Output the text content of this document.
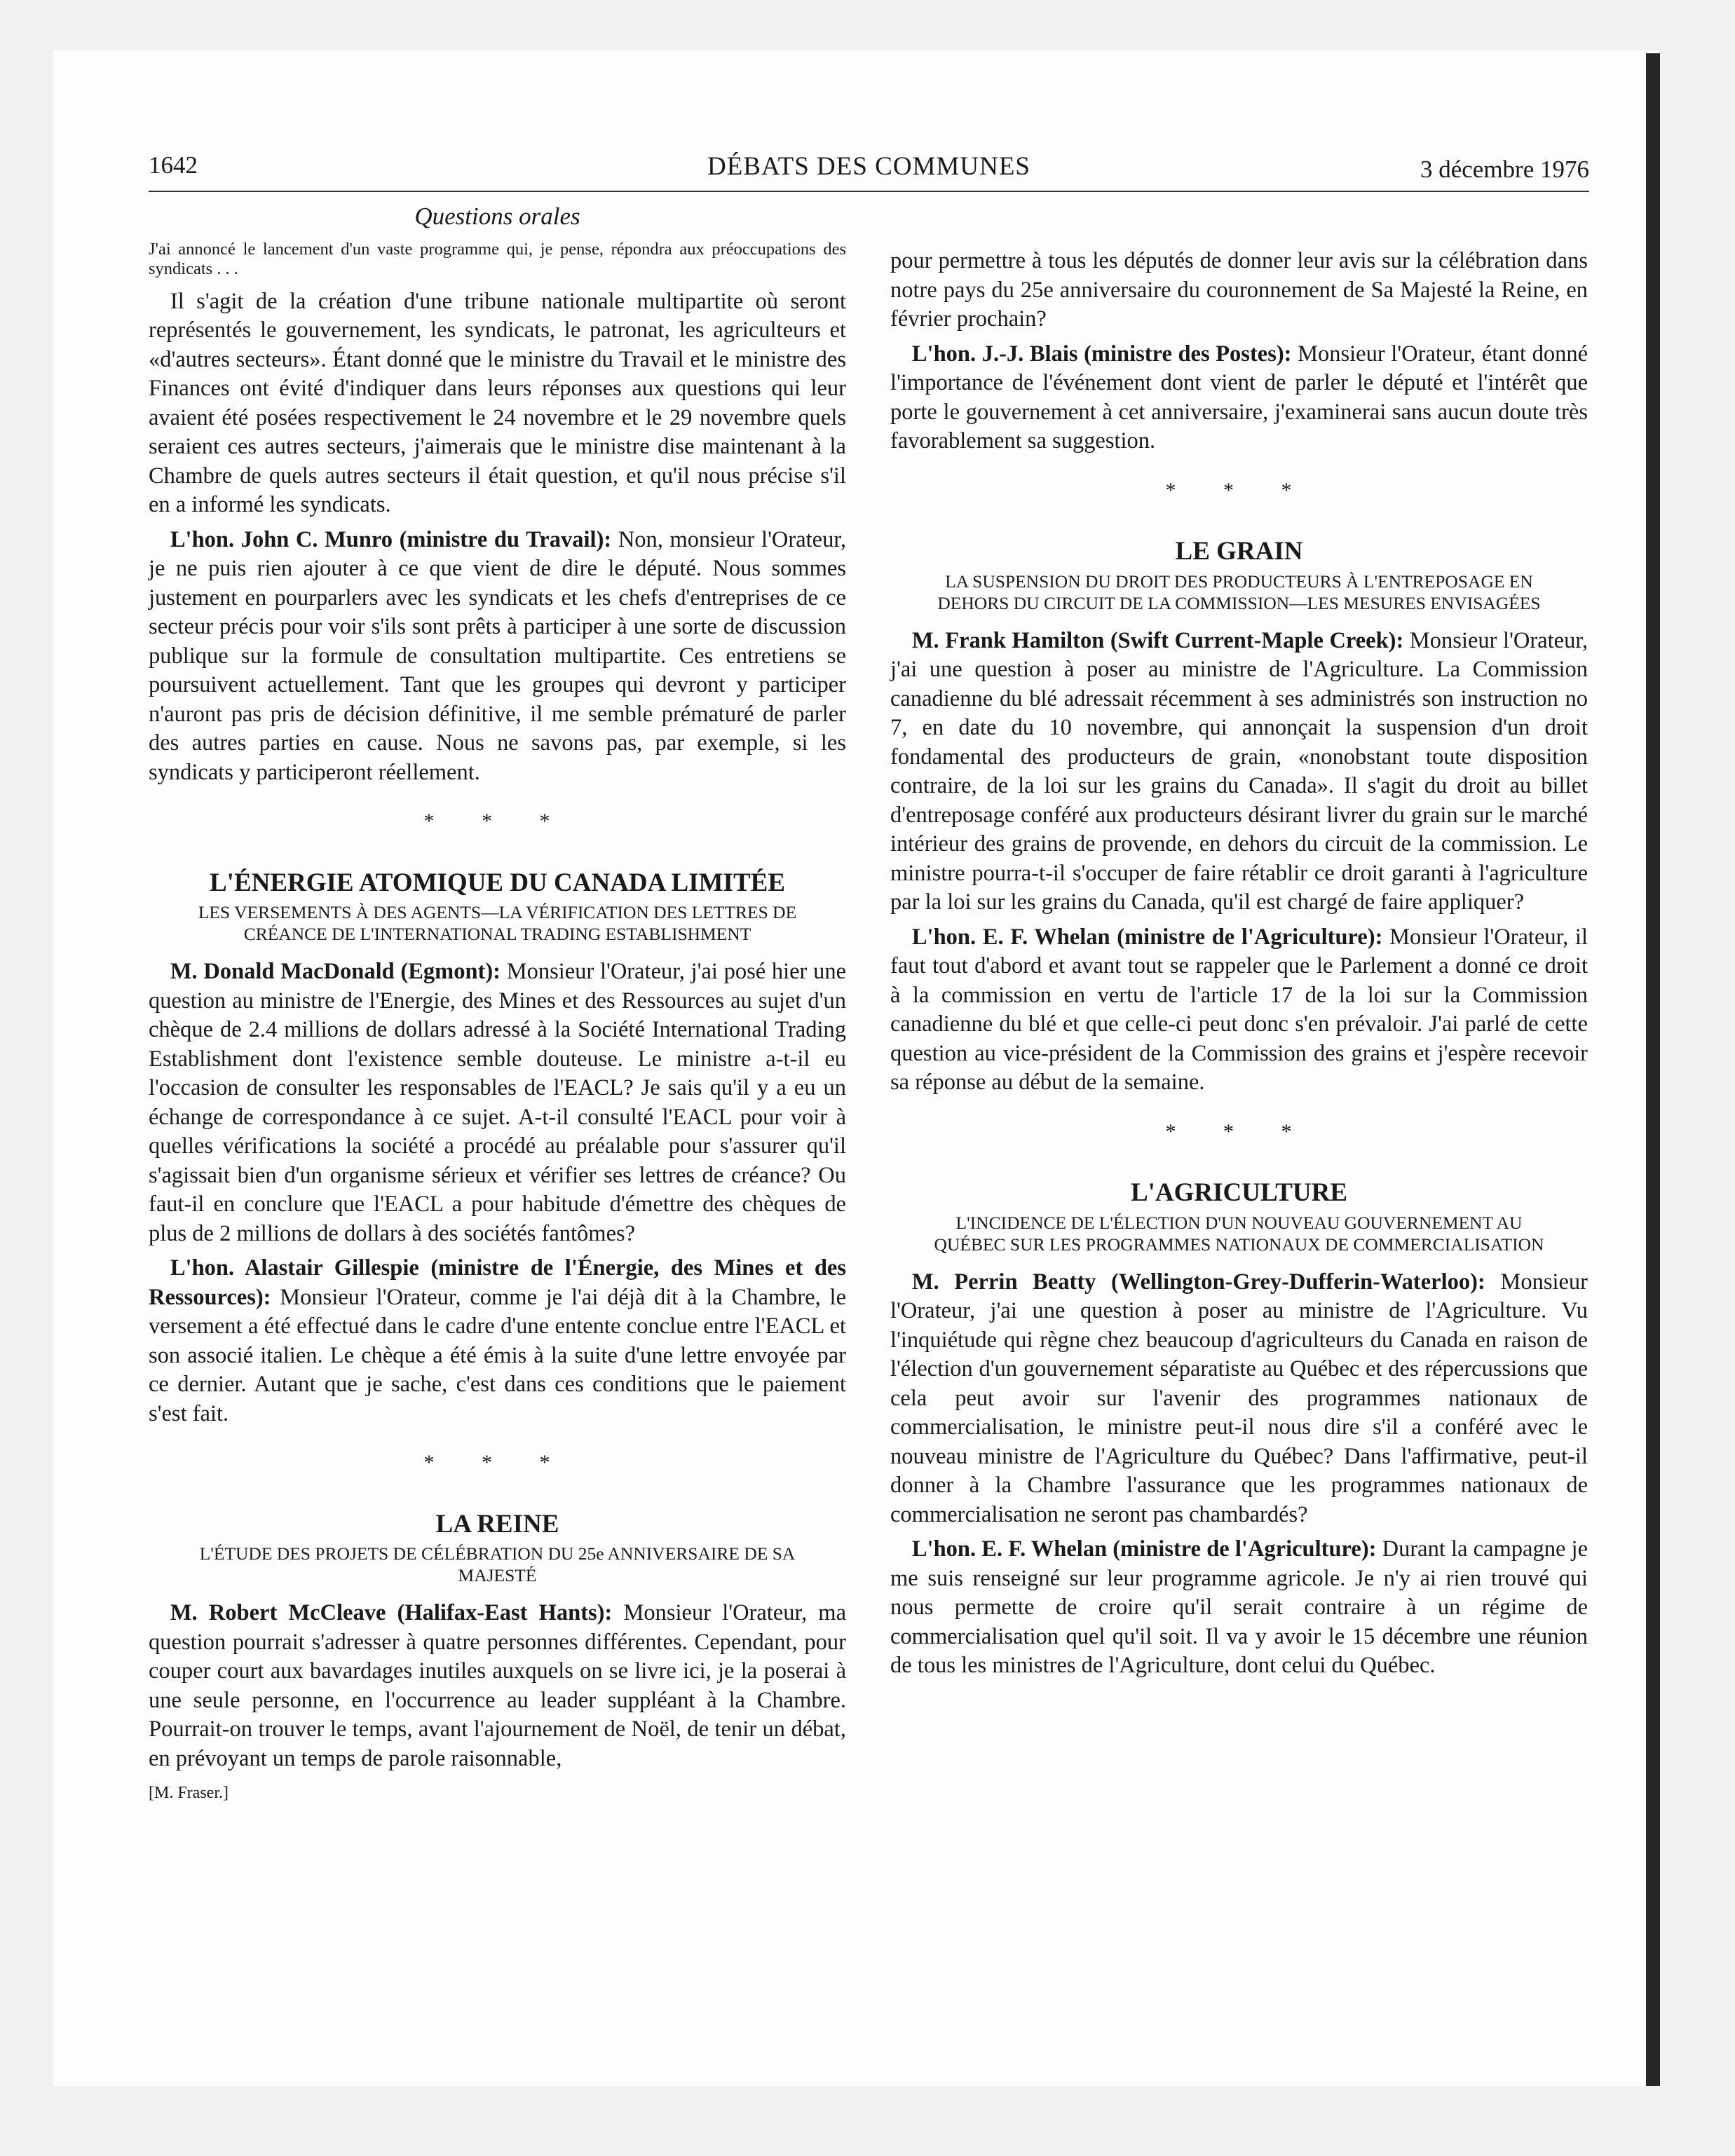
1642	DÉBATS DES COMMUNES	3 décembre 1976
Questions orales

J'ai annoncé le lancement d'un vaste programme qui, je pense, répondra aux préoccupations des syndicats . . .

Il s'agit de la création d'une tribune nationale multipartite où seront représentés le gouvernement, les syndicats, le patronat, les agriculteurs et «d'autres secteurs». Étant donné que le ministre du Travail et le ministre des Finances ont évité d'indiquer dans leurs réponses aux questions qui leur avaient été posées respectivement le 24 novembre et le 29 novembre quels seraient ces autres secteurs, j'aimerais que le ministre dise maintenant à la Chambre de quels autres secteurs il était question, et qu'il nous précise s'il en a informé les syndicats.

L'hon. John C. Munro (ministre du Travail): Non, monsieur l'Orateur, je ne puis rien ajouter à ce que vient de dire le député. Nous sommes justement en pourparlers avec les syndicats et les chefs d'entreprises de ce secteur précis pour voir s'ils sont prêts à participer à une sorte de discussion publique sur la formule de consultation multipartite. Ces entretiens se poursuivent actuellement. Tant que les groupes qui devront y participer n'auront pas pris de décision définitive, il me semble prématuré de parler des autres parties en cause. Nous ne savons pas, par exemple, si les syndicats y participeront réellement.

* * *
L'ÉNERGIE ATOMIQUE DU CANADA LIMITÉE
LES VERSEMENTS À DES AGENTS—LA VÉRIFICATION DES LETTRES DE CRÉANCE DE L'INTERNATIONAL TRADING ESTABLISHMENT

M. Donald MacDonald (Egmont): Monsieur l'Orateur, j'ai posé hier une question au ministre de l'Energie, des Mines et des Ressources au sujet d'un chèque de 2.4 millions de dollars adressé à la Société International Trading Establishment dont l'existence semble douteuse. Le ministre a-t-il eu l'occasion de consulter les responsables de l'EACL? Je sais qu'il y a eu un échange de correspondance à ce sujet. A-t-il consulté l'EACL pour voir à quelles vérifications la société a procédé au préalable pour s'assurer qu'il s'agissait bien d'un organisme sérieux et vérifier ses lettres de créance? Ou faut-il en conclure que l'EACL a pour habitude d'émettre des chèques de plus de 2 millions de dollars à des sociétés fantômes?

L'hon. Alastair Gillespie (ministre de l'Énergie, des Mines et des Ressources): Monsieur l'Orateur, comme je l'ai déjà dit à la Chambre, le versement a été effectué dans le cadre d'une entente conclue entre l'EACL et son associé italien. Le chèque a été émis à la suite d'une lettre envoyée par ce dernier. Autant que je sache, c'est dans ces conditions que le paiement s'est fait.

* * *
LA REINE
L'ÉTUDE DES PROJETS DE CÉLÉBRATION DU 25e ANNIVERSAIRE DE SA MAJESTÉ

M. Robert McCleave (Halifax-East Hants): Monsieur l'Orateur, ma question pourrait s'adresser à quatre personnes différentes. Cependant, pour couper court aux bavardages inutiles auxquels on se livre ici, je la poserai à une seule personne, en l'occurrence au leader suppléant à la Chambre. Pourrait-on trouver le temps, avant l'ajournement de Noël, de tenir un débat, en prévoyant un temps de parole raisonnable,

[M. Fraser.]

pour permettre à tous les députés de donner leur avis sur la célébration dans notre pays du 25e anniversaire du couronnement de Sa Majesté la Reine, en février prochain?

L'hon. J.-J. Blais (ministre des Postes): Monsieur l'Orateur, étant donné l'importance de l'événement dont vient de parler le député et l'intérêt que porte le gouvernement à cet anniversaire, j'examinerai sans aucun doute très favorablement sa suggestion.

* * *
LE GRAIN
LA SUSPENSION DU DROIT DES PRODUCTEURS À L'ENTREPOSAGE EN DEHORS DU CIRCUIT DE LA COMMISSION—LES MESURES ENVISAGÉES

M. Frank Hamilton (Swift Current-Maple Creek): Monsieur l'Orateur, j'ai une question à poser au ministre de l'Agriculture. La Commission canadienne du blé adressait récemment à ses administrés son instruction no 7, en date du 10 novembre, qui annonçait la suspension d'un droit fondamental des producteurs de grain, «nonobstant toute disposition contraire, de la loi sur les grains du Canada». Il s'agit du droit au billet d'entreposage conféré aux producteurs désirant livrer du grain sur le marché intérieur des grains de provende, en dehors du circuit de la commission. Le ministre pourra-t-il s'occuper de faire rétablir ce droit garanti à l'agriculture par la loi sur les grains du Canada, qu'il est chargé de faire appliquer?

L'hon. E. F. Whelan (ministre de l'Agriculture): Monsieur l'Orateur, il faut tout d'abord et avant tout se rappeler que le Parlement a donné ce droit à la commission en vertu de l'article 17 de la loi sur la Commission canadienne du blé et que celle-ci peut donc s'en prévaloir. J'ai parlé de cette question au vice-président de la Commission des grains et j'espère recevoir sa réponse au début de la semaine.

* * *
L'AGRICULTURE
L'INCIDENCE DE L'ÉLECTION D'UN NOUVEAU GOUVERNEMENT AU QUÉBEC SUR LES PROGRAMMES NATIONAUX DE COMMERCIALISATION

M. Perrin Beatty (Wellington-Grey-Dufferin-Waterloo): Monsieur l'Orateur, j'ai une question à poser au ministre de l'Agriculture. Vu l'inquiétude qui règne chez beaucoup d'agriculteurs du Canada en raison de l'élection d'un gouvernement séparatiste au Québec et des répercussions que cela peut avoir sur l'avenir des programmes nationaux de commercialisation, le ministre peut-il nous dire s'il a conféré avec le nouveau ministre de l'Agriculture du Québec? Dans l'affirmative, peut-il donner à la Chambre l'assurance que les programmes nationaux de commercialisation ne seront pas chambardés?

L'hon. E. F. Whelan (ministre de l'Agriculture): Durant la campagne je me suis renseigné sur leur programme agricole. Je n'y ai rien trouvé qui nous permette de croire qu'il serait contraire à un régime de commercialisation quel qu'il soit. Il va y avoir le 15 décembre une réunion de tous les ministres de l'Agriculture, dont celui du Québec.
